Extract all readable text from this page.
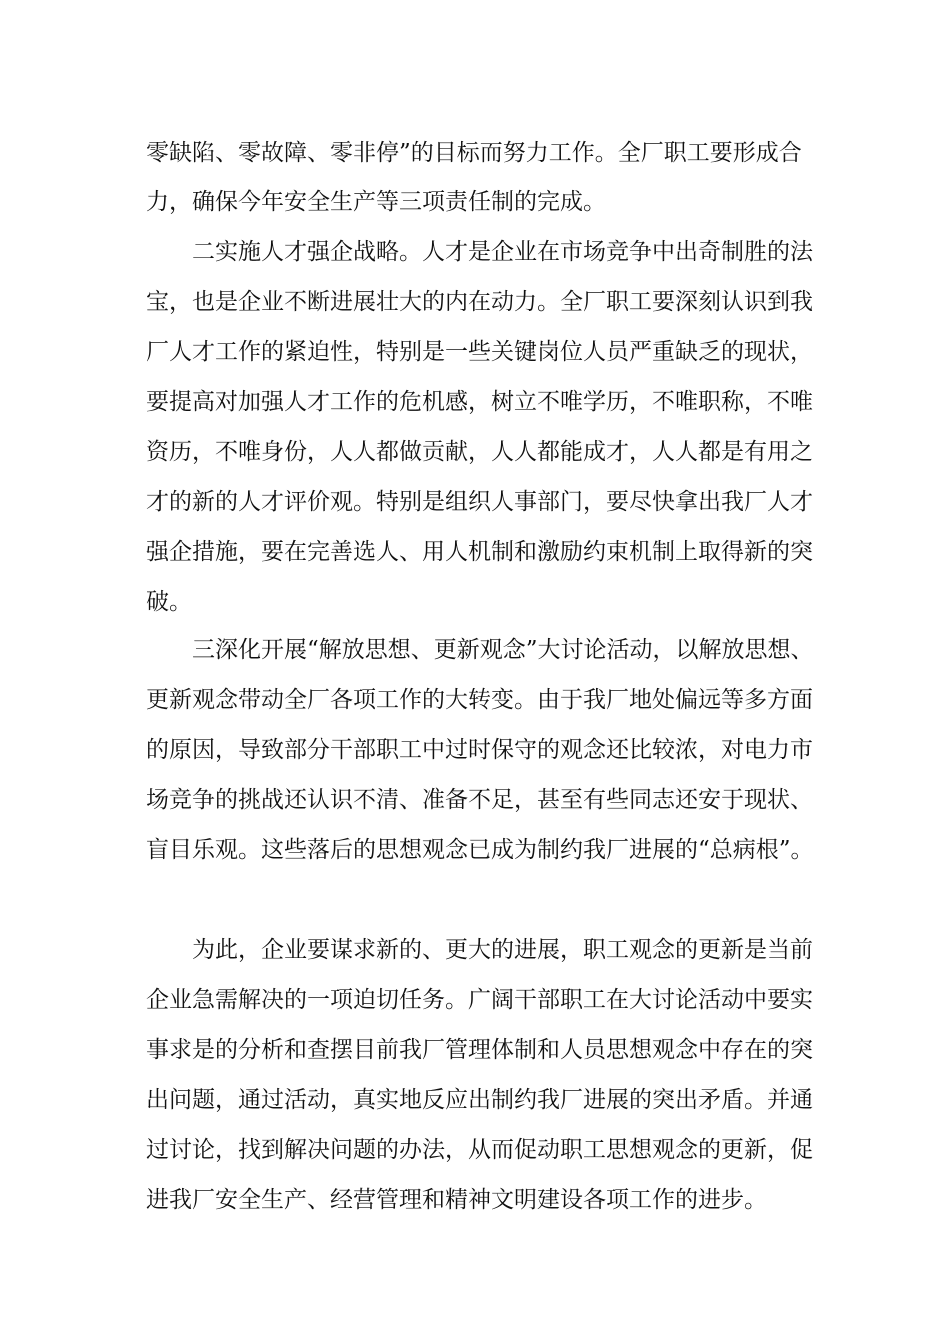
零缺陷、零故障、零非停”的目标而努力工作。全厂职工要形成合
力，确保今年安全生产等三项责任制的完成。
二实施人才强企战略。人才是企业在市场竞争中出奇制胜的法
宝，也是企业不断进展壮大的内在动力。全厂职工要深刻认识到我
厂人才工作的紧迫性，特别是一些关键岗位人员严重缺乏的现状，
要提高对加强人才工作的危机感，树立不唯学历，不唯职称，不唯
资历，不唯身份，人人都做贡献，人人都能成才，人人都是有用之
才的新的人才评价观。特别是组织人事部门，要尽快拿出我厂人才
强企措施，要在完善选人、用人机制和激励约束机制上取得新的突
破。
三深化开展“解放思想、更新观念”大讨论活动，以解放思想、
更新观念带动全厂各项工作的大转变。由于我厂地处偏远等多方面
的原因，导致部分干部职工中过时保守的观念还比较浓，对电力市
场竞争的挑战还认识不清、准备不足，甚至有些同志还安于现状、
盲目乐观。这些落后的思想观念已成为制约我厂进展的“总病根”。
为此，企业要谋求新的、更大的进展，职工观念的更新是当前
企业急需解决的一项迫切任务。广阔干部职工在大讨论活动中要实
事求是的分析和查摆目前我厂管理体制和人员思想观念中存在的突
出问题，通过活动，真实地反应出制约我厂进展的突出矛盾。并通
过讨论，找到解决问题的办法，从而促动职工思想观念的更新，促
进我厂安全生产、经营管理和精神文明建设各项工作的进步。
